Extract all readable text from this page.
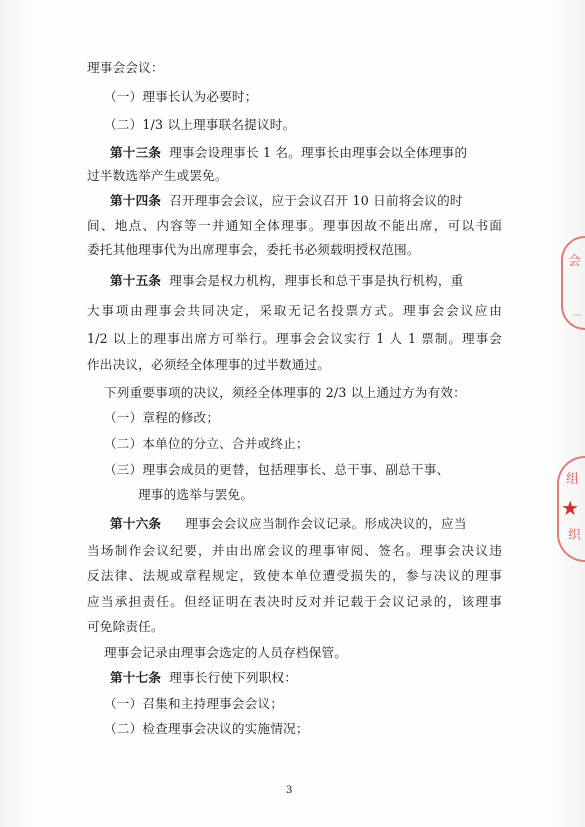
理事会会议：
（一）理事长认为必要时；
（二）1/3 以上理事联名提议时。
第十三条 理事会设理事长 1 名。理事长由理事会以全体理事的
过半数选举产生或罢免。
第十四条 召开理事会会议，应于会议召开 10 日前将会议的时
间、地点、内容等一并通知全体理事。理事因故不能出席，可以书面
委托其他理事代为出席理事会，委托书必须载明授权范围。
第十五条 理事会是权力机构，理事长和总干事是执行机构，重
大事项由理事会共同决定，采取无记名投票方式。理事会会议应由
1/2 以上的理事出席方可举行。理事会会议实行 1 人 1 票制。理事会
作出决议，必须经全体理事的过半数通过。
下列重要事项的决议，须经全体理事的 2/3 以上通过方为有效：
（一）章程的修改；
（二）本单位的分立、合并或终止；
（三）理事会成员的更替，包括理事长、总干事、副总干事、
理事的选举与罢免。
第十六条 理事会会议应当制作会议记录。形成决议的，应当
当场制作会议纪要，并由出席会议的理事审阅、签名。理事会决议违
反法律、法规或章程规定，致使本单位遭受损失的，参与决议的理事
应当承担责任。但经证明在表决时反对并记载于会议记录的，该理事
可免除责任。
理事会记录由理事会选定的人员存档保管。
第十七条 理事长行使下列职权：
（一）召集和主持理事会会议；
（二）检查理事会决议的实施情况；
3
会
⌒
组
★
织
